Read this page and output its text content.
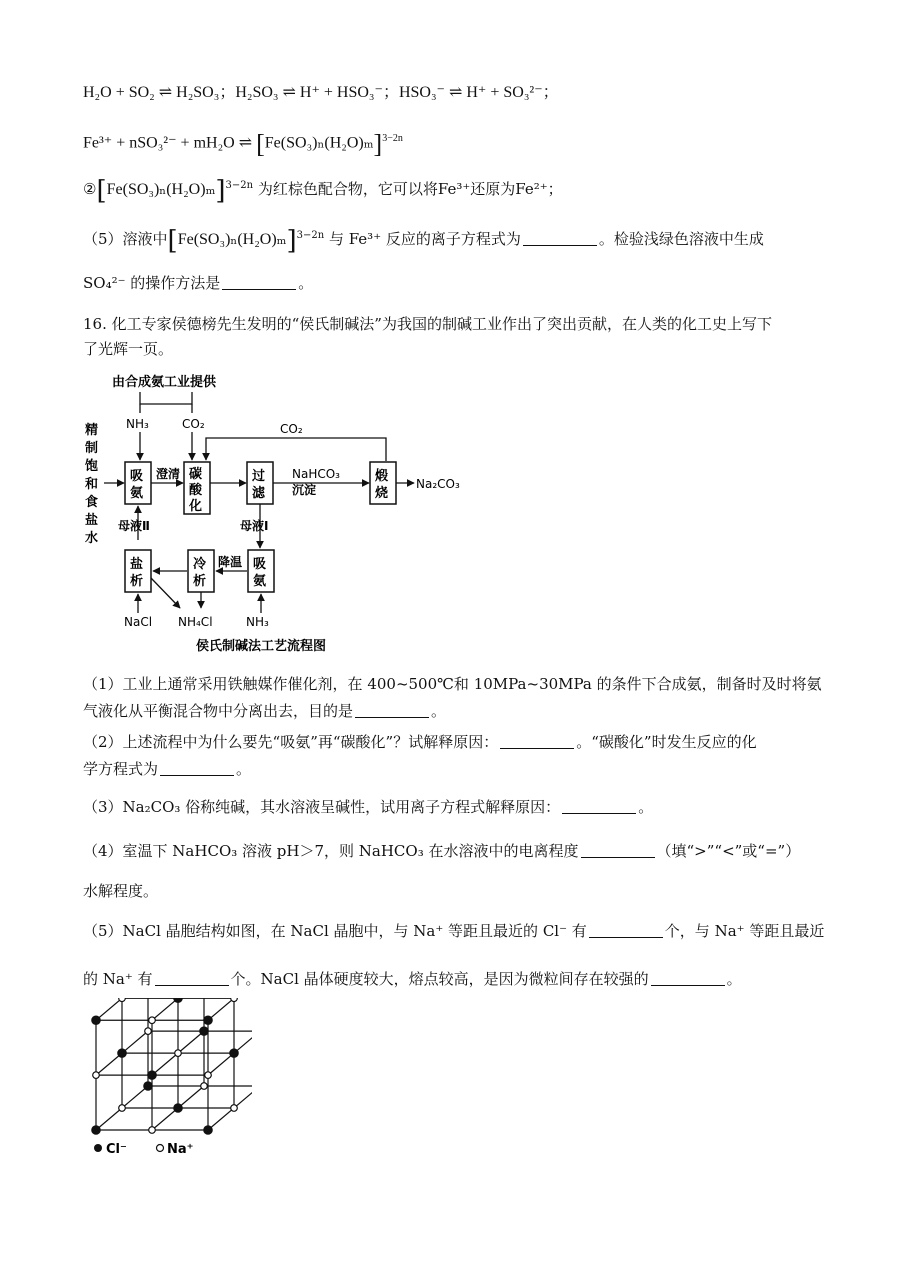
H₂O + SO₂ ⇌ H₂SO₃；H₂SO₃ ⇌ H⁺ + HSO₃⁻；HSO₃⁻ ⇌ H⁺ + SO₃²⁻；
Fe³⁺ + nSO₃²⁻ + mH₂O ⇌ $[Fe(SO_3)_n(H_2O)_m]^{3-2n}$
$②[Fe(SO_3)_n(H_2O)_m]^{3-2n}$ 为红棕色配合物，它可以将Fe³⁺还原为Fe²⁺；
（5）溶液中$[Fe(SO_3)_n(H_2O)_m]^{3-2n}$ 与 Fe³⁺ 反应的离子方程式为	。检验浅绿色溶液中生成
SO₄²⁻ 的操作方法是	。
16. 化工专家侯德榜先生发明的“侯氏制碱法”为我国的制碱工业作出了突出贡献，在人类的化工史上写下
了光辉一页。
由合成氨工业提供
NH₃	CO₂
精
制
饱
和
食
盐
水
CO₂
吸
氨
澄清 碳
酸
化
过
滤
NaHCO₃
沉淀
煅
烧
Na₂CO₃
母液Ⅱ	母液Ⅰ
盐
析
冷
析
降温 吸
氨
NaCl NH₄Cl	NH₃
侯氏制碱法工艺流程图
（1）工业上通常采用铁触媒作催化剂，在 400~500℃和 10MPa~30MPa 的条件下合成氨，制备时及时将氨
气液化从平衡混合物中分离出去，目的是	。
（2）上述流程中为什么要先“吸氨”再“碳酸化”？试解释原因：	。“碳酸化”时发生反应的化
学方程式为	。
（3）Na₂CO₃ 俗称纯碱，其水溶液呈碱性，试用离子方程式解释原因：	。
（4）室温下 NaHCO₃ 溶液 pH＞7，则 NaHCO₃ 在水溶液中的电离程度	（填“>”“<”或“=”）
水解程度。
（5）NaCl 晶胞结构如图，在 NaCl 晶胞中，与 Na⁺ 等距且最近的 Cl⁻ 有	个，与 Na⁺ 等距且最近
的 Na⁺ 有	个。NaCl 晶体硬度较大，熔点较高，是因为微粒间存在较强的	。
Cl⁻	Na⁺
